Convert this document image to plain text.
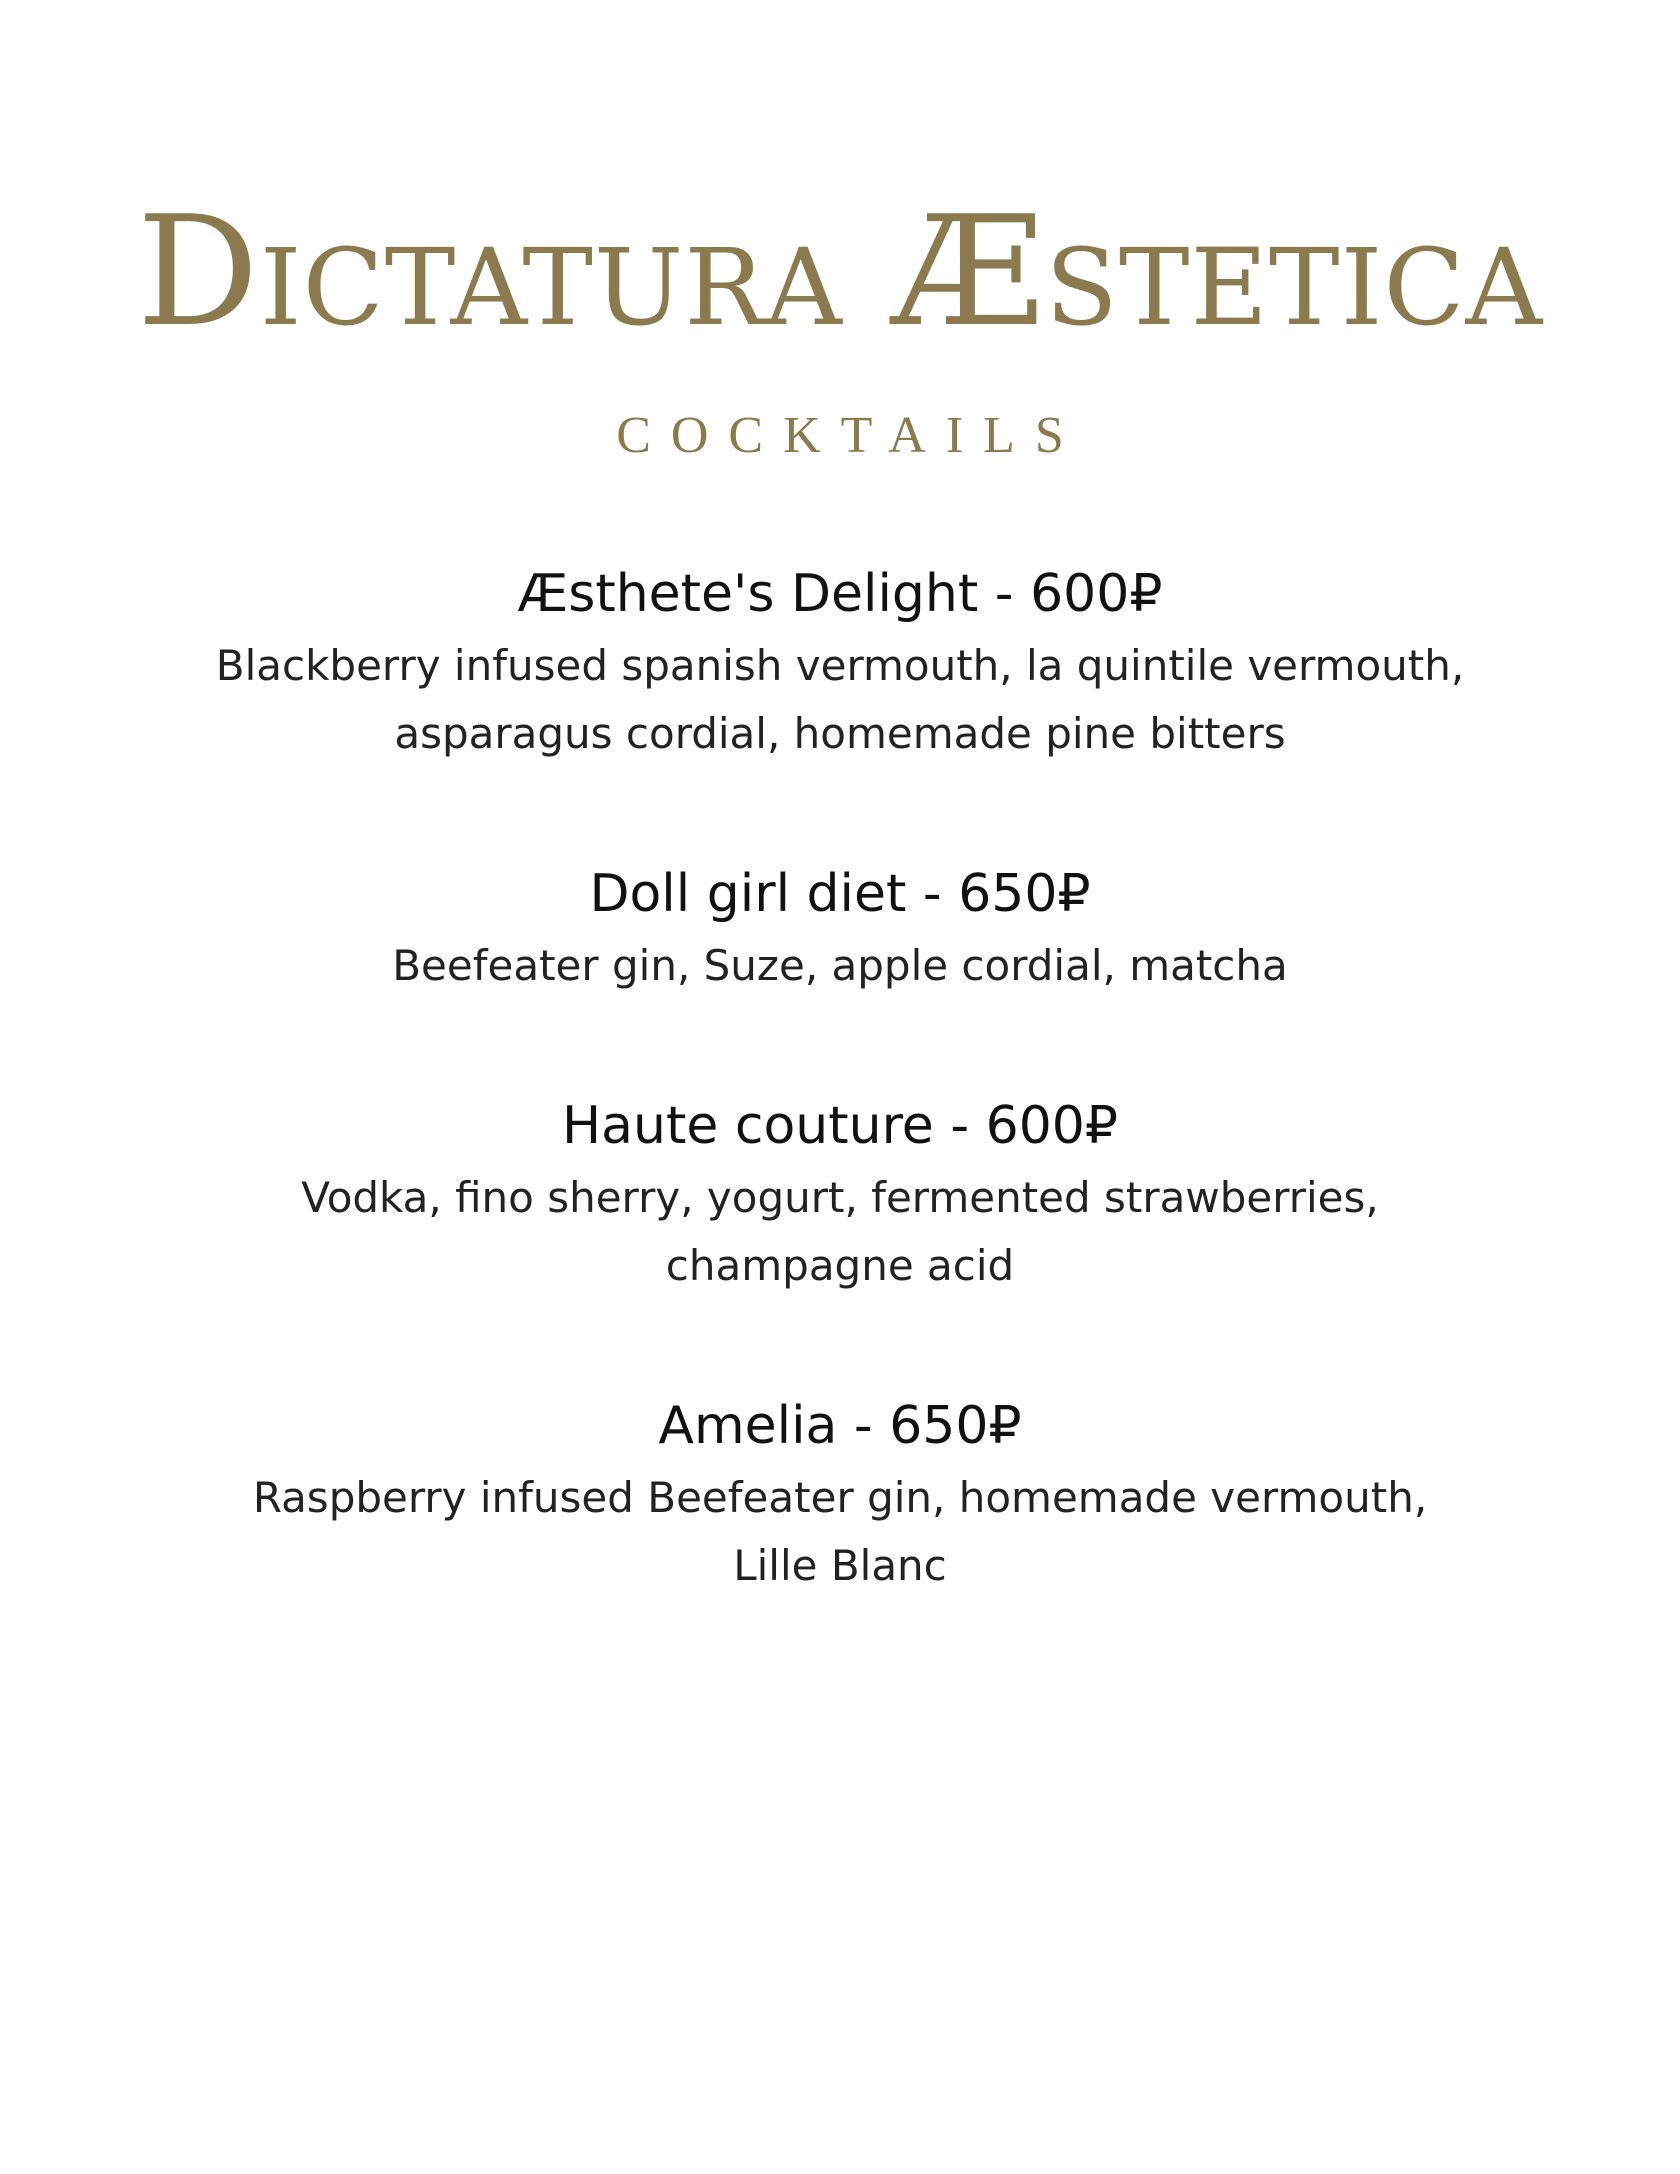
Dictatura Æstetica
COCKTAILS
Æsthete's Delight - 600₽

Blackberry infused spanish vermouth, la quintile vermouth,
asparagus cordial, homemade pine bitters

Doll girl diet - 650₽

Beefeater gin, Suze, apple cordial, matcha

Haute couture - 600₽

Vodka, fino sherry, yogurt, fermented strawberries,
champagne acid

Amelia - 650₽

Raspberry infused Beefeater gin, homemade vermouth,
Lille Blanc
